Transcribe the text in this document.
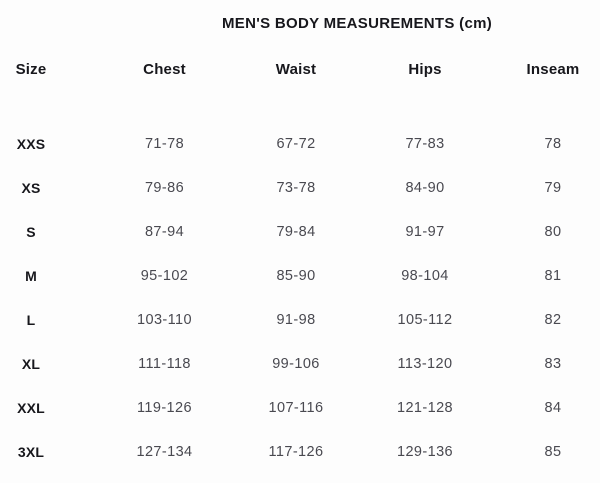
MEN'S BODY MEASUREMENTS (cm)
Size	Chest	Waist	Hips	Inseam
XXS	71-78	67-72	77-83	78
XS	79-86	73-78	84-90	79
S	87-94	79-84	91-97	80
M	95-102	85-90	98-104	81
L	103-110	91-98	105-112	82
XL	111-118	99-106	113-120	83
XXL	119-126	107-116	121-128	84
3XL	127-134	117-126	129-136	85
